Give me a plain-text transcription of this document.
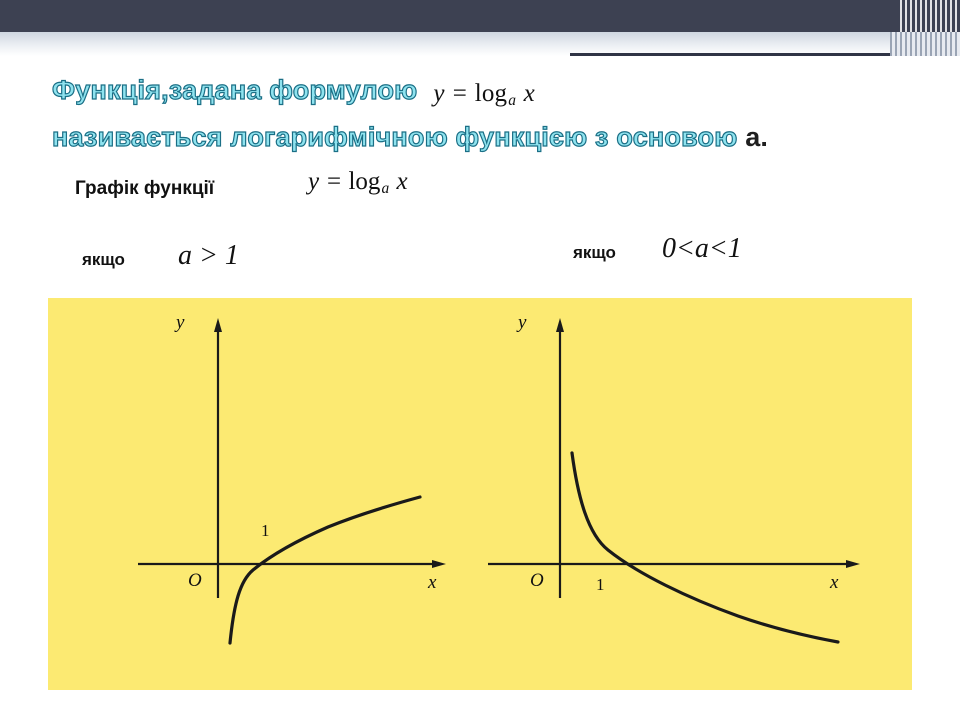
Функція,задана формулою $y = \log_a x$
називається логарифмічною функцією з основою a.
Графік функції	$y = \log_a x$
якщо a > 1	якщо 0<a<1
y
x
O
1
y
x
O	1
